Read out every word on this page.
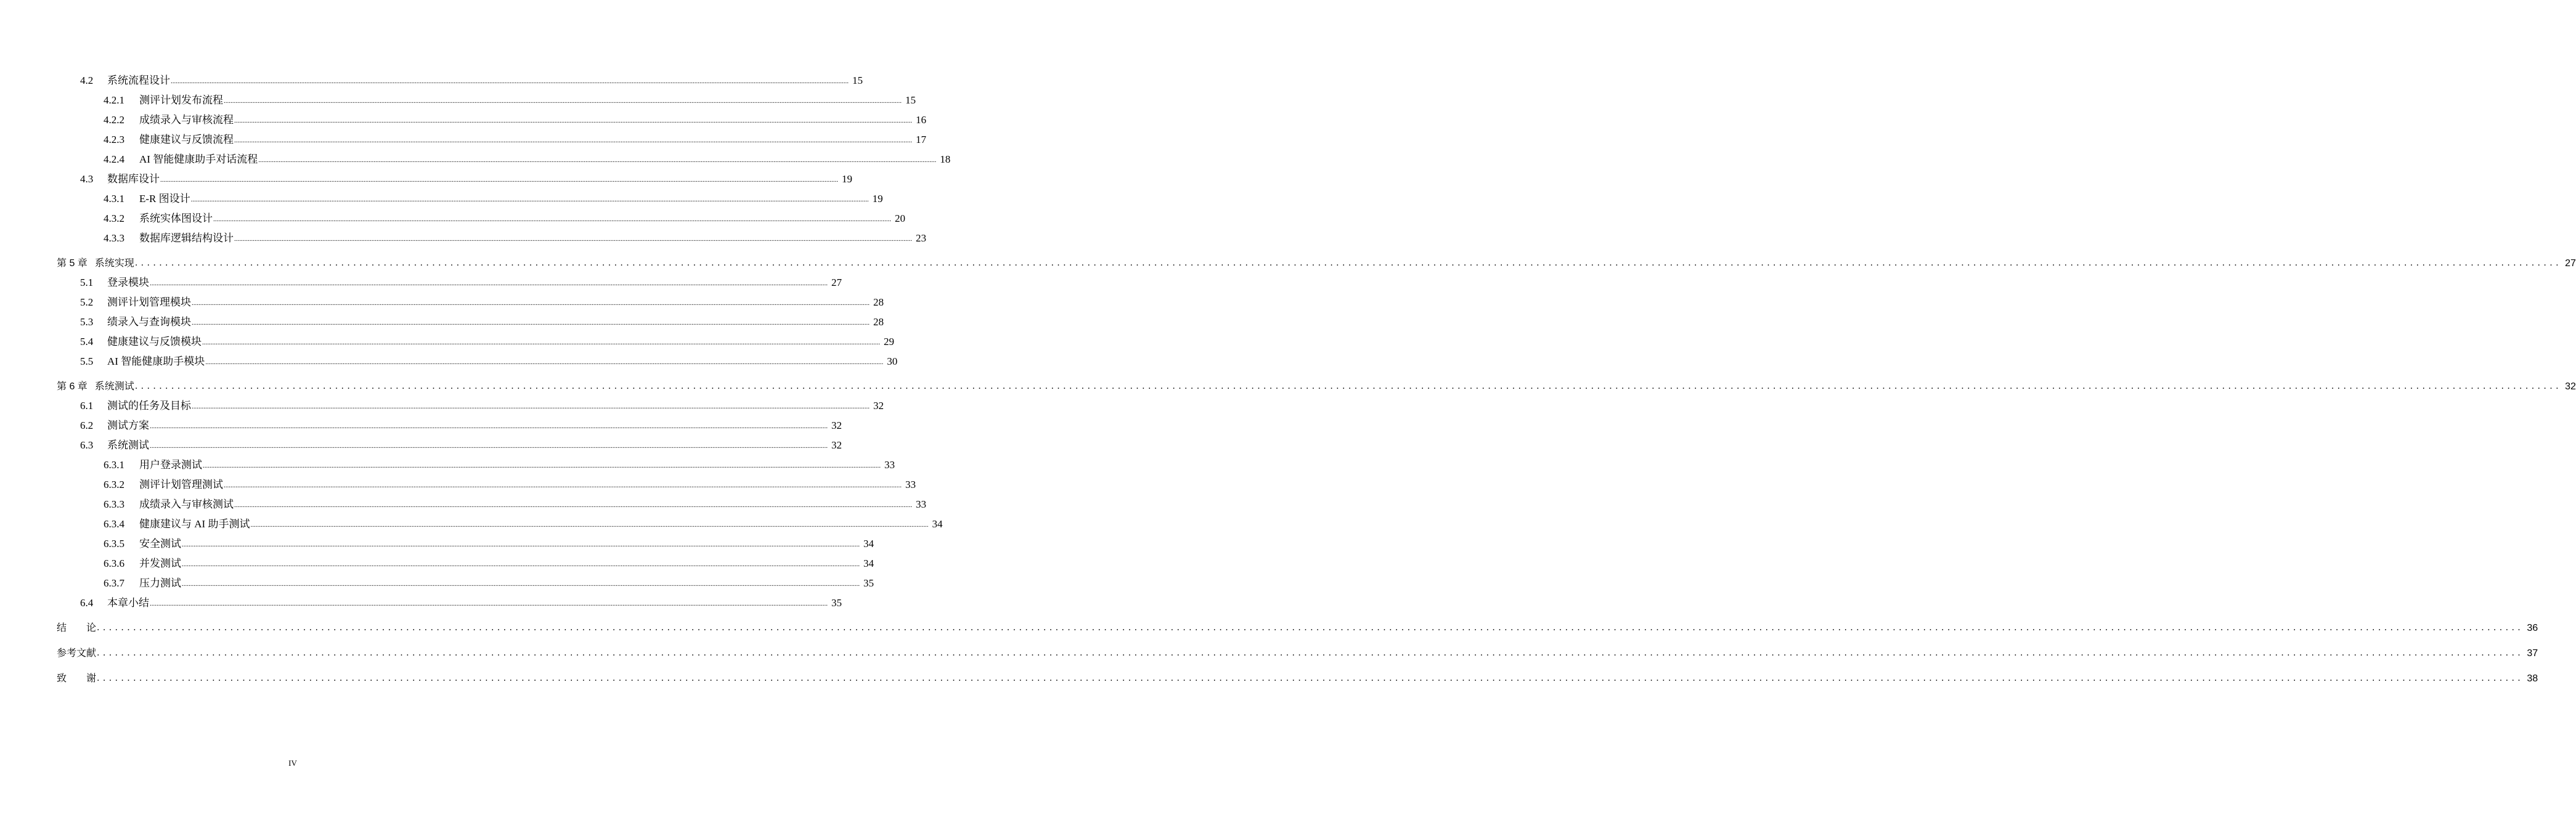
4.2	系统流程设计 ................................................................................................................................................................................................................................................................................................................................................................................................................ 15
4.2.1	测评计划发布流程 ................................................................................................................................................................................................................................................................................................................................................................................................................ 15
4.2.2	成绩录入与审核流程 ................................................................................................................................................................................................................................................................................................................................................................................................................ 16
4.2.3	健康建议与反馈流程 ................................................................................................................................................................................................................................................................................................................................................................................................................ 17
4.2.4	AI 智能健康助手对话流程 ................................................................................................................................................................................................................................................................................................................................................................................................................ 18
4.3	数据库设计 ................................................................................................................................................................................................................................................................................................................................................................................................................ 19
4.3.1	E-R 图设计 ................................................................................................................................................................................................................................................................................................................................................................................................................ 19
4.3.2	系统实体图设计 ................................................................................................................................................................................................................................................................................................................................................................................................................ 20
4.3.3	数据库逻辑结构设计 ................................................................................................................................................................................................................................................................................................................................................................................................................ 23
第 5 章 系统实现 ................................................................................................................................................................................................................................................................................................................................................................................................................ 27
5.1	登录模块 ................................................................................................................................................................................................................................................................................................................................................................................................................ 27
5.2	测评计划管理模块 ................................................................................................................................................................................................................................................................................................................................................................................................................ 28
5.3	绩录入与查询模块 ................................................................................................................................................................................................................................................................................................................................................................................................................ 28
5.4	健康建议与反馈模块 ................................................................................................................................................................................................................................................................................................................................................................................................................ 29
5.5	AI 智能健康助手模块 ................................................................................................................................................................................................................................................................................................................................................................................................................ 30
第 6 章 系统测试 ................................................................................................................................................................................................................................................................................................................................................................................................................ 32
6.1	测试的任务及目标 ................................................................................................................................................................................................................................................................................................................................................................................................................ 32
6.2	测试方案 ................................................................................................................................................................................................................................................................................................................................................................................................................ 32
6.3	系统测试 ................................................................................................................................................................................................................................................................................................................................................................................................................ 32
6.3.1	用户登录测试 ................................................................................................................................................................................................................................................................................................................................................................................................................ 33
6.3.2	测评计划管理测试 ................................................................................................................................................................................................................................................................................................................................................................................................................ 33
6.3.3	成绩录入与审核测试 ................................................................................................................................................................................................................................................................................................................................................................................................................ 33
6.3.4	健康建议与 AI 助手测试 ................................................................................................................................................................................................................................................................................................................................................................................................................ 34
6.3.5	安全测试 ................................................................................................................................................................................................................................................................................................................................................................................................................ 34
6.3.6	并发测试 ................................................................................................................................................................................................................................................................................................................................................................................................................ 34
6.3.7	压力测试 ................................................................................................................................................................................................................................................................................................................................................................................................................ 35
6.4	本章小结 ................................................................................................................................................................................................................................................................................................................................................................................................................ 35
结　　论 ................................................................................................................................................................................................................................................................................................................................................................................................................ 36
参考文献 ................................................................................................................................................................................................................................................................................................................................................................................................................ 37
致　　谢 ................................................................................................................................................................................................................................................................................................................................................................................................................ 38
IV
